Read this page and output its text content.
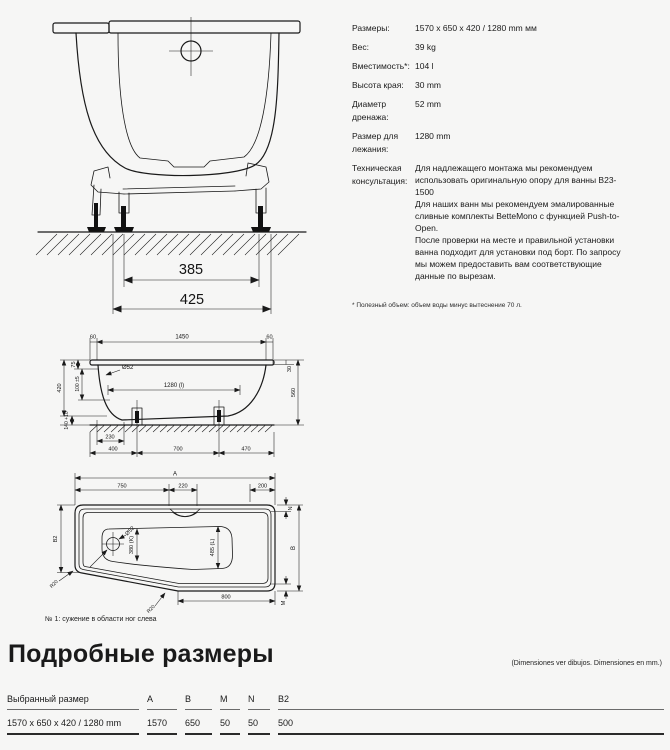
385
425
Размеры:	1570 x 650 x 420 / 1280 mm мм
Вес:	39 kg
Вместимость*: 104 l
Высота края:	30 mm
Диаметр дренажа:
52 mm
Размер для лежания:
1280 mm
Техническая консультация:
Для надлежащего монтажа мы рекомендуем использовать оригинальную опору для ванны B23-1500
Для наших ванн мы рекомендуем эмалированные сливные комплекты BetteMono с функцией Push-to-Open.
После проверки на месте и правильной установки ванна подходит для установки под борт. По запросу мы можем предоставить вам соответствующие данные по вырезам.
* Полезный объем: объем воды минус вытеснение 70 л.
60	1450	60
75
420 100 ±5
140 +10
Ø52
1280 (l)
30
560
230
400	700	470
Ø52
A
750	220	200
380 (K)	485 (L)
N
B
M
B2
800
R20
R20
№ 1: сужение в области ног слева
Подробные размеры	(Dimensiones ver dibujos. Dimensiones en mm.)
Выбранный размер	A	B	M	N	B2
1570 x 650 x 420 / 1280 mm	1570	650	50	50	500
